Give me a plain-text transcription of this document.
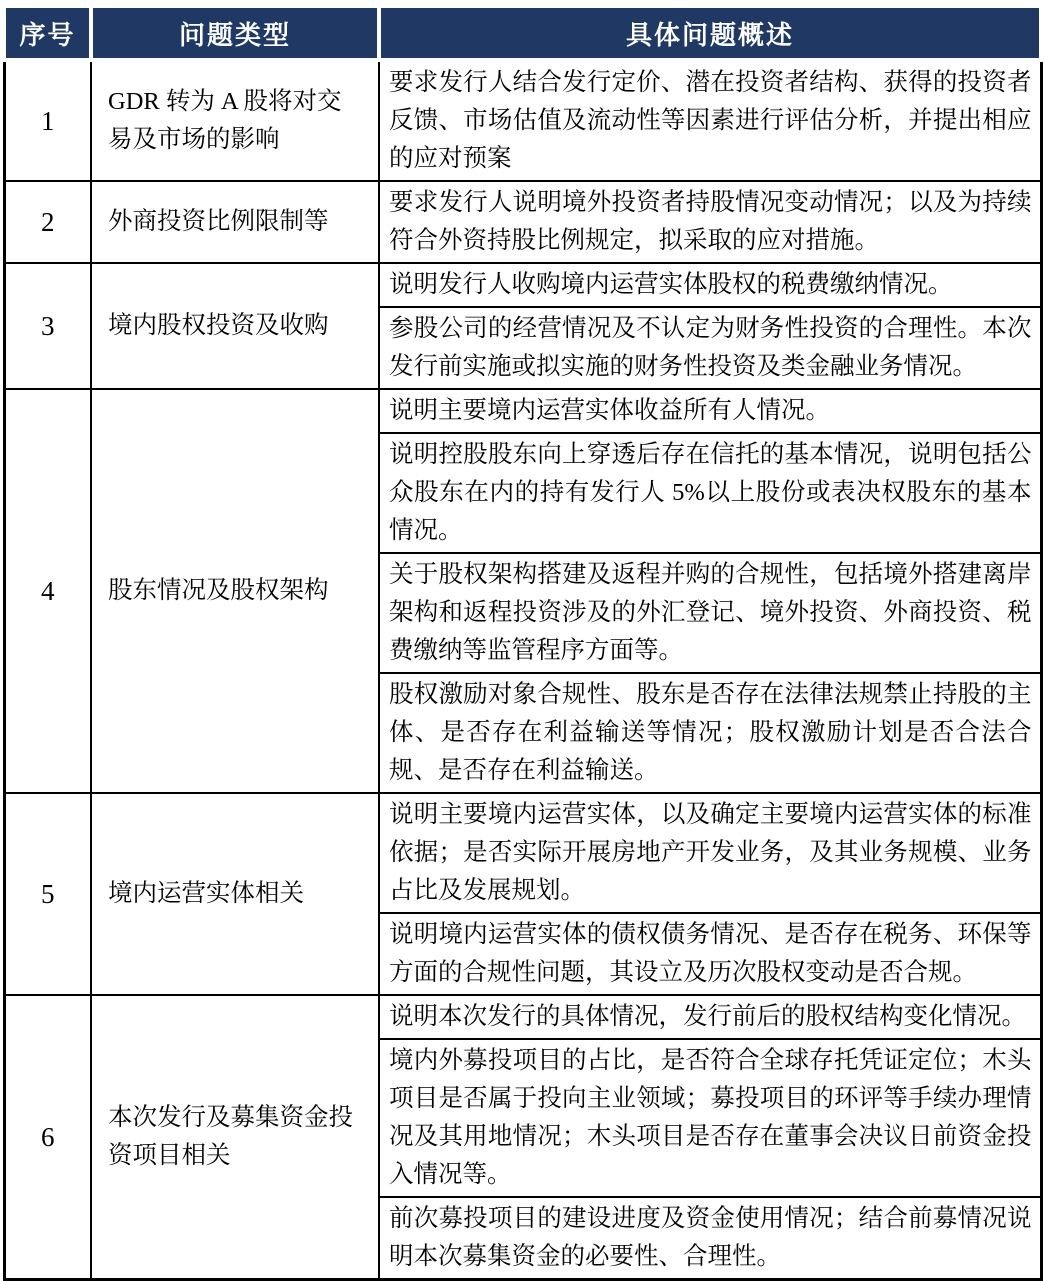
序号	问题类型	具体问题概述
1	GDR 转为 A 股将对交易及市场的影响	要求发行人结合发行定价、潜在投资者结构、获得的投资者反馈、市场估值及流动性等因素进行评估分析，并提出相应的应对预案
2	外商投资比例限制等	要求发行人说明境外投资者持股情况变动情况；以及为持续符合外资持股比例规定，拟采取的应对措施。
3	境内股权投资及收购	说明发行人收购境内运营实体股权的税费缴纳情况。
		参股公司的经营情况及不认定为财务性投资的合理性。本次发行前实施或拟实施的财务性投资及类金融业务情况。
4	股东情况及股权架构	说明主要境内运营实体收益所有人情况。
		说明控股股东向上穿透后存在信托的基本情况，说明包括公众股东在内的持有发行人 5%以上股份或表决权股东的基本情况。
		关于股权架构搭建及返程并购的合规性，包括境外搭建离岸架构和返程投资涉及的外汇登记、境外投资、外商投资、税费缴纳等监管程序方面等。
		股权激励对象合规性、股东是否存在法律法规禁止持股的主体、是否存在利益输送等情况；股权激励计划是否合法合规、是否存在利益输送。
5	境内运营实体相关	说明主要境内运营实体，以及确定主要境内运营实体的标准依据；是否实际开展房地产开发业务，及其业务规模、业务占比及发展规划。
		说明境内运营实体的债权债务情况、是否存在税务、环保等方面的合规性问题，其设立及历次股权变动是否合规。
6	本次发行及募集资金投资项目相关	说明本次发行的具体情况，发行前后的股权结构变化情况。
		境内外募投项目的占比，是否符合全球存托凭证定位；木头项目是否属于投向主业领域；募投项目的环评等手续办理情况及其用地情况；木头项目是否存在董事会决议日前资金投入情况等。
		前次募投项目的建设进度及资金使用情况；结合前募情况说明本次募集资金的必要性、合理性。
